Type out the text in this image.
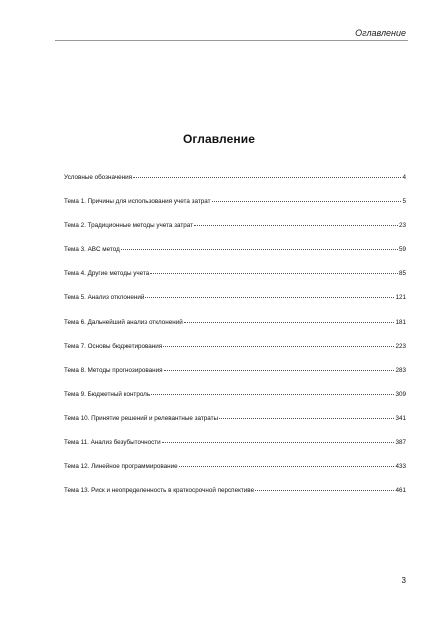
Оглавление
Оглавление
Условные обозначения	4
Тема 1. Причины для использования учета затрат	5
Тема 2. Традиционные методы учета затрат	23
Тема 3. ABC метод	59
Тема 4. Другие методы учета	85
Тема 5. Анализ отклонений	121
Тема 6. Дальнейший анализ отклонений	181
Тема 7. Основы бюджетирования	223
Тема 8. Методы прогнозирования	283
Тема 9. Бюджетный контроль	309
Тема 10. Принятие решений и релевантные затраты	341
Тема 11. Анализ безубыточности	387
Тема 12. Линейное программирование	433
Тема 13. Риск и неопределенность в краткосрочной перспективе	461
3
